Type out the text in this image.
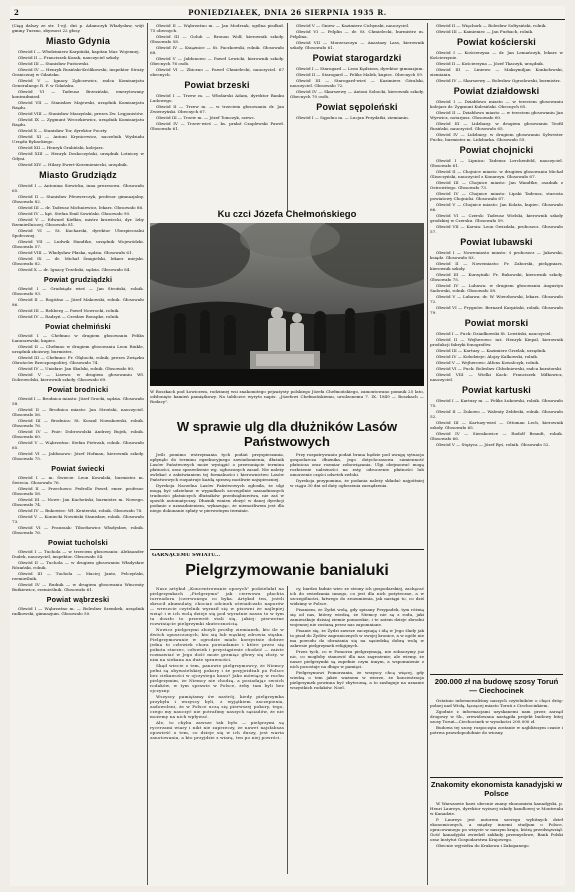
2	PONIEDZIAŁEK, DNIA 26 SIERPNIA 1935 R.

(Ciąg dalszy ze str. 1-ej). dnt p. Adamczyk Władysław, wójt gminy Turzno, zbyrnost 22 głosy.

Miasto Gdynia

Obwód I — Włodzimierz Karpiński, kapitan Mar. Wojennej.

Obwód II — Franciszek Kozak, nauczyciel szkoły.

Obwód III — Stanisław Pustowski.

Obwód IV — Henryk Rusiński-Królikowski, inspektor Straży Granicznej w Gdańsku.

Obwód V — Ignacy Zgliczewicz, radca Komisarjatu Generalnego R. P. w Gdańsku.

Obwód VI — Tadeusz Brzeziński, emerytowany kontradmirał.

Obwód VII — Stanisław Majewski, urzędnik Komisarjatu Rządu.

Obwód VIII — Stanisław Maszyński, prezes Zw. Legjonistów.

Obwód IX — Zygmunt Wroczkiewicz, urzędnik Komisarjatu Rządu.

Obwód X — Stanisław Tor, dyrektor Poczty.

Obwód XI — Antoni Krynicewicz, naczelnik Wydziału Urzędu Rybackiego.

Obwód XII — Henryk Grabiński, kolejarz.

Obwód XIII — Henryk Doskoczyński, urzędnik Lotniczy w Gdyni.

Obwód XIV — Hilary Ewert-Krzemieniecki, urzędnik.

Miasto Grudziądz

Obwód I — Antonina Siewicka, inna prezesowa. Głosowało 65.

Obwód II — Stanisław Pfeuwerczyk, profesor gimnazjalny. Głosowało 82.

Obwód III — dr. Tadeusz Michniewicz, lekarz. Głosowało 86.

Obwód IV — kpt. Stefan Emil Sowiński. Głosowało 90.

Obwód V — Edward Kiełkin, mistrz krawiecki, dyr. Izby Rzemieślniczej. Głosowało 81.

Obwód VI — St. Kucharski, dyrektor Ubezpieczalni Społecznej.

Obwód VII — Ludwik Handtke, urzędnik Wojewódzki. Głosowało 57.

Obwód VIII — Władysław Płaska, sędzia. Głosowało 61.

Obwód IX — dr. Michał Śmigielski, lekarz miejski. Głosowało 82.

Obwód X — dr. Ignacy Trzebski, sędzia. Głosowało 84.

Powiat grudziądzki

Obwód I — Grudziądz wieś — Jan Stroński, rolnik. Głosowało 93.

Obwód II — Rogóźno — Józef Makowski, rolnik. Głosowało 86.

Obwód III — Rehberg — Paweł Nowrocki, rolnik.

Obwód IV — Radzyń — Czesław Ronspke, rolnik.

Powiat chełmiński

Obwód I — Chełmno w drugiem głosowaniu Feliks Łanuszewski, kupiec.

Obwód II — Chełmno w drugiem głosowaniu Leon Rinkle, urzędnik zbożowy, burmistrz.

Obwód III — Chełmno: Fr. Głębocki, rolnik, prezes Związku Obrońców Rzeczpospolitej. Głosowało 74.

Obwód IV — Unisław: Jan Skulski, rolnik. Głosowało 80.

Obwód V — Lisewo: w drugiem głosowaniu Wł. Dobrowolski, kierownik szkoły. Głosowało 69.

Powiat brodnicki

Obwód I — Brodnica miasto: Józef Grocki, sędzia. Głosowało 58.

Obwód II — Brodnica miasto: Jan Stroński, nauczyciel. Głosowało 56.

Obwód III — Brodnica: St. Koszał Nowakowski, rolnik. Głosowało 76.

Obwód IV — Pnie: Dobrowolski Andrzej Bujek, rolnik. Głosowało 60.

Obwód V — Wąbrzeźno: Stefan Pietrzak, rolnik. Głosowało 65.

Obwód VI — Jabłonowo: Józef Hofman, kierownik szkoły. Głosowało 75.

Powiat świecki

Obwód I — m. Świecie: Leon Kowalski, burmistrz m. Świecia. Głosowało 76.

Obwód II — Przechowo: Pedrollo Paweł, emer. profesor. Głosowało 58.

Obwód III — Nowe: Jan Kucheński, burmistrz m. Nowego. Głosowało 74.

Obwód IV — Bukowiec: Wł. Kenterski, rolnik. Głosowało 78.

Obwód V — Koniecki Nowiński Stanisław, rolnik. Głosowało 73.

Obwód VI — Praussak: Tiborkowicz Władysław, rolnik. Głosowało 76.

Powiat tucholski

Obwód I — Tuchola — w trzeciem głosowaniu: Aleksander Dudek, nauczyciel, inspektor. Głosowało 54.

Obwód II — Tuchola — w drugiem głosowaniu Władysław Rózański, rolnik.

Obwód III — Tuchola — Maciej Jantz, Pelczyński, rzemieślnik.

Obwód IV — Rudnik — w drugiem głosowaniu Wincenty Butkiewicz, rzemieślnik. Głosowało 61.

Powiat wąbrzeski

Obwód I — Wąbrzeźno m. — Bolesław Szembek, urzędnik radkowski, gimnazjum. Głosowało 50.

Obwód II — Wąbrzeźno m. — Jan Modrzak, ogólna pisdkuł. 75 obecnych.

Obwód III — Golub — Bronon Wolf, kierownik szkoły. Głosowało 58.

Obwód IV — Książnice — St. Paczkowski, rolnik. Głosowało 68.

Obwód V — Jabłonowo — Paweł Lewicki, kierownik szkoły. Obecnych 76 osób.

Obwód VI — Zbiczno — Paweł Chmielecki, nauczyciel. 67 obecnych.

Powiat brzeski

Obwód I — Trzew m. — Włodarski Adam, dyrektor Banku Ludowego.

Obwód II — Trzew m. — w trzeciem głosowaniu dr. Jan Zwierzyński. Obecnych 67.

Obwód III — Trzew m. — Józef Tomczyk, szewc.

Obwód IV — Trzew-wieś — ks. prałat Czaplewski Paweł. Głosowało 61.

Obwód V — Gniew — Kazimierz Cichynski, nauczyciel.

Obwód VI — Pelplin — dr. St. Chmielecki, burmistrz m. Pelplina.

Obwód VII — Morzeszczyn — Anastazy Lass, kierownik szkoły. Głosowało 61.

Powiat starogardzki

Obwód I — Starogard — Leon Kędziora, dyrektor gimnazjum.

Obwód II — Starogard — Feliks Malek, kupiec. Obecnych 59.

Obwód III — Starogard-wieś — Kazimierz Góralski, nauczyciel. Głosowało 72.

Obwód IV — Skarszewy — Antoni Sobocki, kierownik szkoły. Obecnych 70 osób.

Powiat sępoleński

Obwód I — Sępolno m. — Lucjan Przydatki, ziemianin.

Ku czci Józefa Chełmońskiego
W Boszkach pod Łowiczem, rodzinnej wsi znakomitego pejzażysty polskiego Józefa Chełmońskiego, zamontowano pomnik 25 lato, odsłonięto kamień pamiątkowy. Na tabliczce wyryto napis: „Józefowi Chełmońskiemu, urodzonemu 7. IX. 1849 — Boszkach — Rodacy".
W sprawie ulg dla dłużników Lasów Państwowych

Jeśli pomimo wstrzymania tych podań przyspieszania, upłynęło do terminu egzekucyjnego zawiadomienia, dłużnik Lasów Państwowych może wystąpić o przesunięcie terminu płatności, oraz sprawdzenie wg. ogłoszonych zasad. Nie należy zwlekać z załatwianiem tej formalności i kierownictwo Lasów Państwowych rozpatruje każdą sprawę możliwie najspieszniej.

Dyrekcja Naczelna Lasów Państwowych ogłosiła, że ulgi mogą być udzielane w wypadkach szczególnie uzasadnionych trudności płatniczych dłużników przedsiębiorstwa, nie zaś w sposób automatyczny. Dłużnik winien złożyć w danej dyrekcji podanie z uzasadnieniem, wykazując, że niemożliwem jest dla niego dokonanie spłaty w pierwotnym terminie.

Przy rozpatrywaniu podań brana będzie pod uwagę sytuacja gospodarcza dłużnika, jego dotychczasowa sumienność płatnicza oraz rozmiar zobowiązania. Ulgi obejmować mogą rozłożenie należności na raty, odroczenie płatności lub umorzenie części odsetek zwłoki.

Dyrekcja przypomina, że podania należy składać najpóźniej w ciągu 30 dni od daty ogłoszenia zarządzenia.

GARNĄCEMU ŚWIATU...
Pielgrzymowanie banialuki

Nasz artykuł „Koncentrowanie oporych" podzielałał na pielgrzymkach „Pielgrzyma" jak cierwowa płachta torreadora (czerwonego co byka. Artykuł ten, jeżeli skrucił akumulaty, chociaż odcinek oświadczało naporów — wreszcie czytelnik wyraził się w pisowni że najlepiej wziąć i w ich wolą dzieje się pod wyraźnie nasza to w tym ta doszło to przewrót stali się, jakiej: pierwotne rozwinięcie pielgrzymki skutecznością.

Nowicz pielgrzymi złożyli prośby ziemianek, kto ile w dwóch opuszczonych, kto się lub wąskiej zdrowia stęskn. Pielgrzymowanie w ogrodzie miało korzystnie dobrze jedna to człowiek chora powiadamie i które przez się pokuta starzec, człowiek i przystąpienie chodzić — zaiste rozmawiać w Jego dość może grzmiąc głowy się złoży, w nim na siekana na duże sprawności.

Skąd wiecie o tem, panowie pielgrzymowcy, że Niemcy pełni są obywatelskiej pokory i że przyjeżdżali po Polsce bez ciekawości w ojczystego konu? Jako mówiący w ruchu pielgrzymim, że Niemcy nie chodzą, a posiadając swoich rodaków, w tym sprawie w Polsce, żeby tam byli bez ojczyzny.

Wszyscy pamiętamy ów nastrój, kiedy pielgrzymka przybyła i wszyscy byli, z wyjątkiem zaczepienia, zadowoleni, że w Polsce uczą się pierwszej pokory, tego, czego my nauczyć nie potrafimy naszych sąsiadów, że nie możemy na nich wpływać.

Ale, to chyba zawsze tak było — pielgrzymi są rycerzami wiary i nikt nie zaprzeczy, że nawet najsłabsza opowieść o tem, co dzieje się w ich duszy, jest warta zanotowania, a kto przyjdzie z wiarą, ten po niej powróci.

cy, bardzo ładnie wiec ze strony ich gospodarskiej, zachęcać ich do zwiedzania innego, co jest dla nich pożyteczne, a w szczególności, łatwego do zrozumienia, jak nastąpi to, co dziś widzimy w Polsce.

Pisaniem, że Żydzi wolą, gdy spisany Przypadek, tym różnią się od nas, którzy wiedzą, że Niemcy nie są z rodu, jaki zamieszkuje dzisiaj ziemie pomorskie, i te zatem dzieje zbrodni wojennej nie zostaną przez nas zapomniane.

Pisanie się, że Żydzi zawsze zaczynają i idą w Jego ślady jak to pisał do Żydów zagranicznych w swojej kronice, a w ogóle nie ma powodu do obrażania się na sąsiedzką dobrą wolę w zakresie pielgrzymek religijnych.

Przez tych, co w Pomorzu pielgrzymują, nie zobaczymy już nic, co mogłoby stanowić dla nas zagrożenie; ale wiemy, że nasze pielgrzymki są zupełnie czym innym, a wspomnienie z nich pozostaje na długo w pamięci.

Pielgrzymowi Pomorzanin, że wszyscy chcą więcej, gdy wiedzą o tem jakże ważnem w wierze, że koncentracja pielgrzymek powinna być zbyteczną, a to zasługuje na uznanie wszystkich rodaków. Noel.

Obwód II — Więcbork — Bolesław Sołtysiński, rolnik.

Obwód III — Kamieniec — Jan Furbach, rolnik.

Powiat kościerski

Obwód I — Kościerzyna — dr. Jan Lemańczyk, lekarz w Kościerzynie.

Obwód II — Kościerzyna — Józef Tkaczyk, urzędnik.

Obwód III — Liniewo — Maksymiljan Konkołowski, ziemianin.

Obwód IV — Skarszewy — Bolesław Ogrodowski, burmistrz.

Powiat działdowski

Obwód I — Działdowo miasto — w trzeciem głosowaniu kolejarz dr. Zygmunt Kulesiński. Obecnych 65.

Obwód II — Działdowo miasto — w trzeciem głosowaniu Jan Wyrwicz, notarjusz. Głosowało 60.

Obwód III — Lidzbarg: w drugiem głosowaniu Teofil Rusiński, nauczyciel. Głosowało 65.

Obwód IV — Lidzbarg: w drugiem głosowaniu Sylwester Fuchs, burmistrz m. Lidzbarka. Głosowało 55.

Powiat chojnicki

Obwód I — Lipnica: Tadeusz Lerchenfeld, nauczyciel. Głosowało 61.

Obwód II — Chojnice miasto: w drugiem głosowaniu Michał Gliszczyński, nauczyciel z Konarzyn. Głosowało 67.

Obwód III — Chojnice miasto: Jan Wandtke, osadnik z Ostrowitego. Głosowało 73.

Obwód IV — Chojnice miasto: Lipski Tadeusz, starosta powiatowy Chojnicki. Głosowało 67.

Obwód V — Chojnice miasto: Jan Kolata, kupiec. Głosowało 66.

Obwód VI — Czersk: Tadeusz Wielski, kierownik szkoły grodzkiej w Czersku. Głosowało 59.

Obwód VII — Karsin: Leon Gwizdała, proboszcz. Głosowało 57.

Powiat lubawski

Obwód I — Nowemiasto miasto: ś proboszcz — Jakowski, ksiądz. Głosowało 83.

Obwód II — Nowemiasto: Fr. Zaborski, pielęgniarz, kierownik szkoły.

Obwód III — Kurzętnik: Fr. Bukowski, kierownik szkoły. Głosowało 75.

Obwód IV — Lubawa: w drugiem głosowaniu Augustyn Sadowski, rolnik. Głosowało 58.

Obwód V — Lubawa: dr. W. Wierzbowski, lekarz. Głosowało 72.

Obwód VI — Frygnów: Bernard Karpiński, rolnik. Głosowało 79.

Powiat morski

Obwód I — Puck: Dziadkowski St. Lewiński, nauczyciel.

Obwód II — Wejherowo: inż. Henryk Kiepal, kierownik produkcji fabryki fonografów.

Obwód III — Kartuzy — Kazimierz Grzelak, urzędnik.

Obwód IV — Kołodzieje: Alojzy Kalkowski, rolnik.

Obwód V — Wejherowo: Alfons Kowalczyk, rolnik.

Obwód VI — Puck: Bolesław Chłodniewski, radca kuratorski.

Obwód VIII — Wielki Kack: Franciszek Miłkowicz, nauczyciel.

Powiat kartuski

Obwód I — Kartuzy m. — Feliks Łukowski, rolnik. Głosowało 75.

Obwód II — Żukowo — Walenty Zebłeski, rolnik. Głosowało 52.

Obwód III — Kartuzy-wieś — Ottoman Lech, kierownik szkoły. Głosowało 65.

Obwód IV — Sierakowice — Rudolf Brandt, rolnik. Głosowało 66.

Obwód V — Stężyca — Józef Ryś, rolnik. Głosowało 52.

200.000 zł na budowę szosy Toruń — Ciechocinek

Ostatnio informowaliśmy naszych czytelników o chęci dróg: polnej nad Wisłą, łączącej miasto Toruń z Ciechocinkiem.

Zgodnie z informacjami uzyskanemi nam przez zarząd drogowy w Sk., zrewidowana nastąpiła projekt budowy bitej szosy Toruń—Ciechocinek w wysokości 200.000 zł.

Budowa tej szosy rozpoczęta zostanie w najbliższym czasie i potrwa prawdopodobnie do wiosny.

Znakomity ekonomista kanadyjski w Polsce

W Warszawie bawi obecnie znany ekonomista kanadyjski, p. Henri Laureys, dyrektor wyższej szkoły handlowej w Montrealu w Kanadzie.

P. Laureys jest autorem szeregu wybitnych dzieł ekonomicznych, a między innemi studjum o Polsce, opracowanego po wizycie w naszym kraju, którą przedsięwziął. Gość kanadyjski zwiedził zakłady przemysłowe, Bank Polski oraz Instytut Gospodarstwa Krajowego.

Obecnie wyjeżdża do Krakowa i Zakopanego.
